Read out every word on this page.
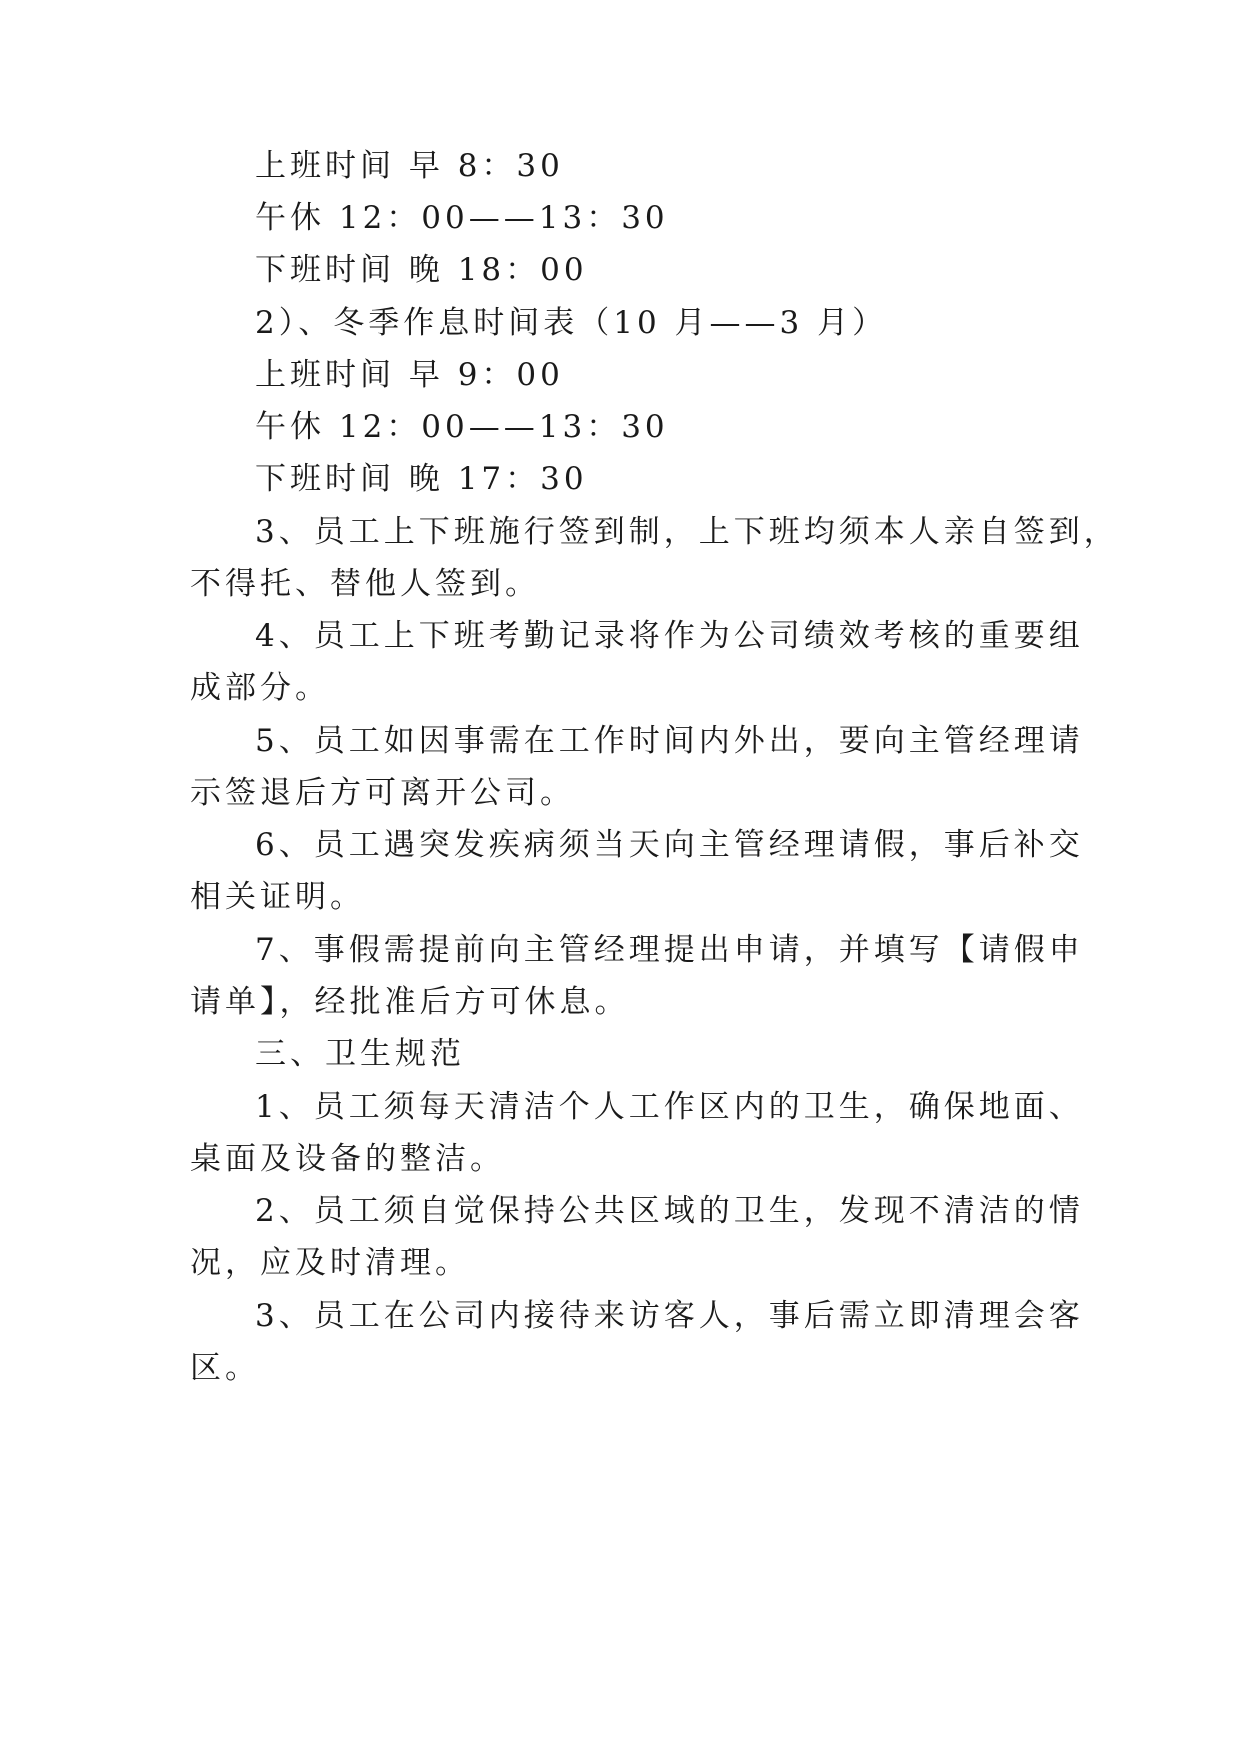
上班时间 早 8：30
午休 12：00——13：30
下班时间 晚 18：00
2）、冬季作息时间表（10 月——3 月）
上班时间 早 9：00
午休 12：00——13：30
下班时间 晚 17：30
3、员工上下班施行签到制，上下班均须本人亲自签到，
不得托、替他人签到。
4、员工上下班考勤记录将作为公司绩效考核的重要组
成部分。
5、员工如因事需在工作时间内外出，要向主管经理请
示签退后方可离开公司。
6、员工遇突发疾病须当天向主管经理请假，事后补交
相关证明。
7、事假需提前向主管经理提出申请，并填写【请假申
请单】，经批准后方可休息。
三、卫生规范
1、员工须每天清洁个人工作区内的卫生，确保地面、
桌面及设备的整洁。
2、员工须自觉保持公共区域的卫生，发现不清洁的情
况，应及时清理。
3、员工在公司内接待来访客人，事后需立即清理会客
区。
